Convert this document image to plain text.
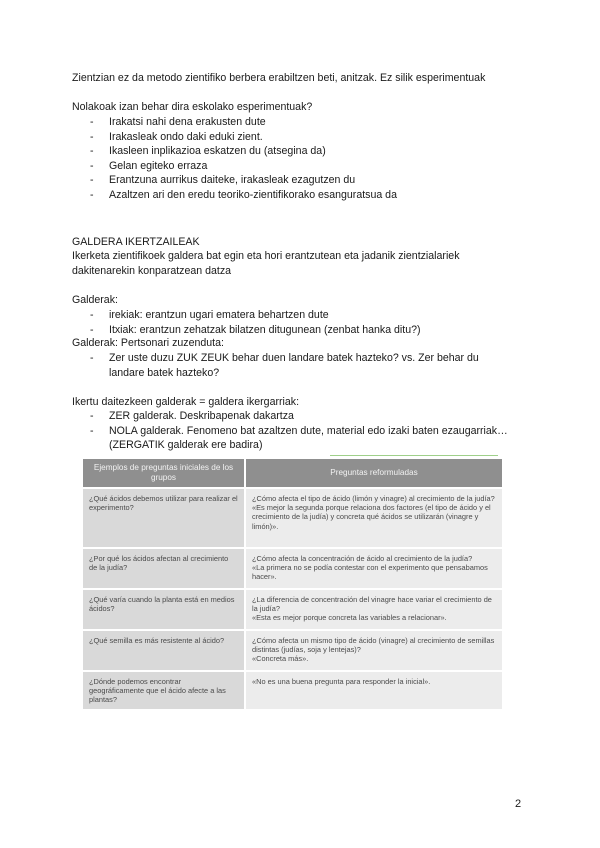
Zientzian ez da metodo zientifiko berbera erabiltzen beti, anitzak. Ez silik esperimentuak
Nolakoak izan behar dira eskolako esperimentuak?
- Irakatsi nahi dena erakusten dute
- Irakasleak ondo daki eduki zient.
- Ikasleen inplikazioa eskatzen du (atsegina da)
- Gelan egiteko erraza
- Erantzuna aurrikus daiteke, irakasleak ezagutzen du
- Azaltzen ari den eredu teoriko-zientifikorako esanguratsua da
GALDERA IKERTZAILEAK
Ikerketa zientifikoek galdera bat egin eta hori erantzutean eta jadanik zientzialariek dakitenarekin konparatzean datza
Galderak:
- irekiak: erantzun ugari ematera behartzen dute
- Itxiak: erantzun zehatzak bilatzen ditugunean (zenbat hanka ditu?)
Galderak: Pertsonari zuzenduta:
- Zer uste duzu ZUK ZEUK behar duen landare batek hazteko? vs. Zer behar du landare batek hazteko?
Ikertu daitezkeen galderak = galdera ikergarriak:
- ZER galderak. Deskribapenak dakartza
- NOLA galderak. Fenomeno bat azaltzen dute, material edo izaki baten ezaugarriak… (ZERGATIK galderak ere badira)
Ejemplos de preguntas iniciales de los grupos	Preguntas reformuladas
¿Qué ácidos debemos utilizar para realizar el experimento?	¿Cómo afecta el tipo de ácido (limón y vinagre) al crecimiento de la judía?
«Es mejor la segunda porque relaciona dos factores (el tipo de ácido y el crecimiento de la judía) y concreta qué ácidos se utilizarán (vinagre y limón)».

¿Por qué los ácidos afectan al crecimiento de la judía?	¿Cómo afecta la concentración de ácido al crecimiento de la judía?
«La primera no se podía contestar con el experimento que pensabamos hacer».

¿Qué varía cuando la planta está en medios ácidos?	¿La diferencia de concentración del vinagre hace variar el crecimiento de la judía?
«Esta es mejor porque concreta las variables a relacionar».

¿Qué semilla es más resistente al ácido?	¿Cómo afecta un mismo tipo de ácido (vinagre) al crecimiento de semillas distintas (judías, soja y lentejas)?
«Concreta más».

¿Dónde podemos encontrar geográficamente que el ácido afecte a las plantas?	«No es una buena pregunta para responder la inicial».
2
